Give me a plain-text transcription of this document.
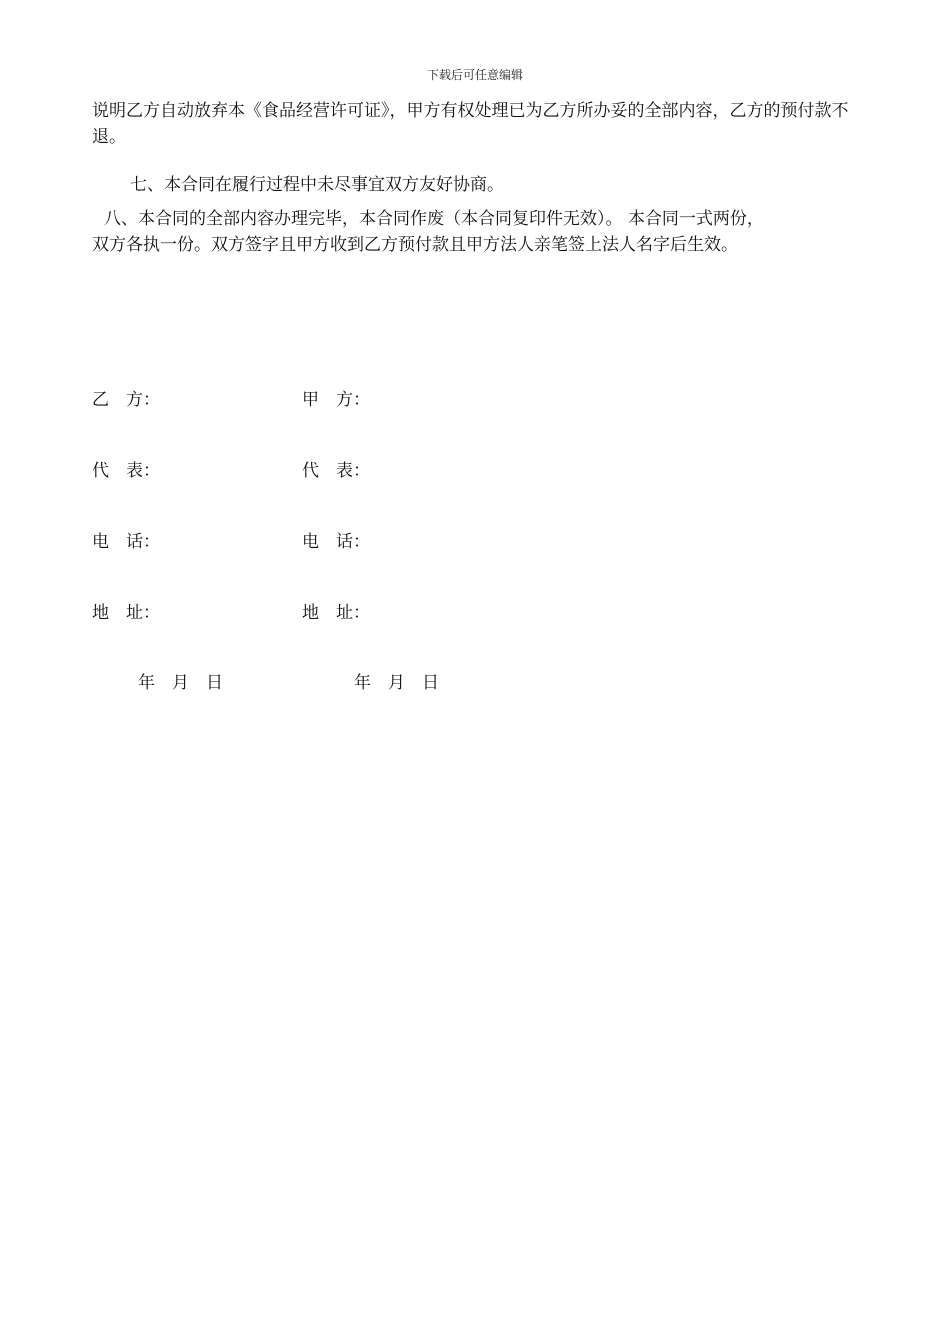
下载后可任意编辑
说明乙方自动放弃本《食品经营许可证》，甲方有权处理已为乙方所办妥的全部内容，乙方的预付款不退。
七、本合同在履行过程中未尽事宜双方友好协商。
八、本合同的全部内容办理完毕，本合同作废（本合同复印件无效）。 本合同一式两份，
双方各执一份。双方签字且甲方收到乙方预付款且甲方法人亲笔签上法人名字后生效。
乙　方：	甲　方：
代　表：	代　表：
电　话：	电　话：
地　址：	地　址：
年　月　日	年　月　日
